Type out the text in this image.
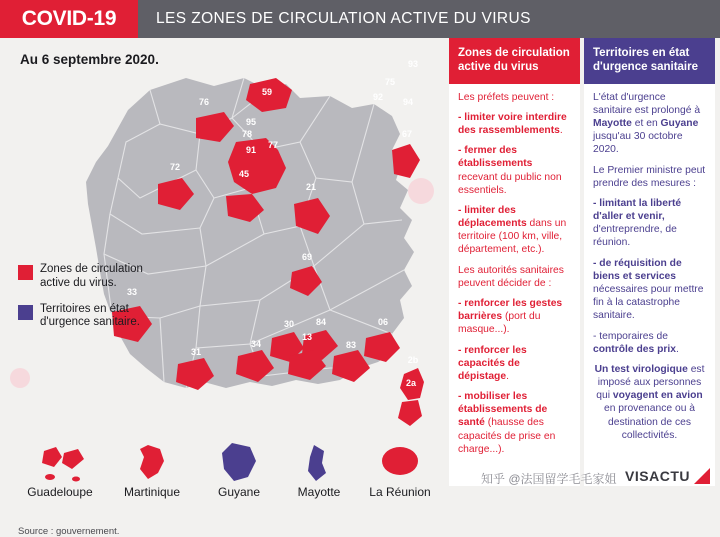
COVID-19	LES ZONES DE CIRCULATION ACTIVE DU VIRUS
Au 6 septembre 2020.
59
93
75
92	94
76
95
78
91	77
72
45
67
21
69
33
30	84
13
34	83
06
31
2b
2a
Zones de circulation active du virus.
Territoires en état d'urgence sanitaire.
Guadeloupe	Martinique	Guyane	Mayotte	La Réunion
Source : gouvernement.
Zones de circulation active du virus

Les préfets peuvent :

- limiter voire interdire des rassemblements.

- fermer des établissements recevant du public non essentiels.

- limiter des déplacements dans un territoire (100 km, ville, département, etc.).

Les autorités sanitaires peuvent décider de :

- renforcer les gestes barrières (port du masque...).

- renforcer les capacités de dépistage.

- mobiliser les établissements de santé (hausse des capacités de prise en charge...).

Territoires en état d'urgence sanitaire

L'état d'urgence sanitaire est prolongé à Mayotte et en Guyane jusqu'au 30 octobre 2020.

Le Premier ministre peut prendre des mesures :

- limitant la liberté d'aller et venir, d'entreprendre, de réunion.

- de réquisition de biens et services nécessaires pour mettre fin à la catastrophe sanitaire.

- temporaires de contrôle des prix.

Un test virologique est imposé aux personnes qui voyagent en avion en provenance ou à destination de ces collectivités.

知乎 @法国留学毛毛家姐 VISACTU
